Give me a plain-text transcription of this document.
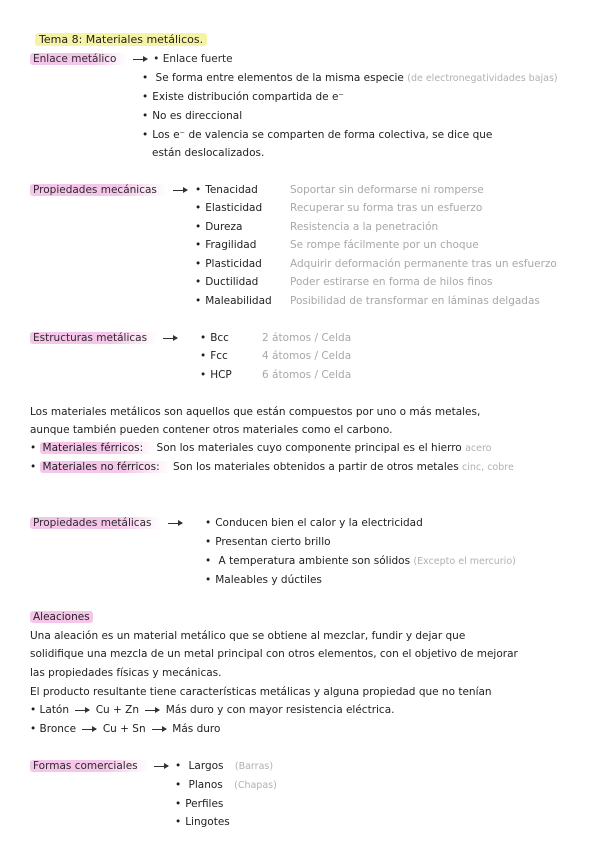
Tema 8: Materiales metálicos.
Enlace metálico	• Enlace fuerte
• Se forma entre elementos de la misma especie (de electronegatividades bajas)
• Existe distribución compartida de e⁻
• No es direccional
• Los e⁻ de valencia se comparten de forma colectiva, se dice que
están deslocalizados.
Propiedades mecánicas	• Tenacidad	Soportar sin deformarse ni romperse
• Elasticidad	Recuperar su forma tras un esfuerzo
• Dureza	Resistencia a la penetración
• Fragilidad	Se rompe fácilmente por un choque
• Plasticidad	Adquirir deformación permanente tras un esfuerzo
• Ductilidad	Poder estirarse en forma de hilos finos
• Maleabilidad Posibilidad de transformar en láminas delgadas
Estructuras metálicas	• Bcc	2 átomos / Celda
• Fcc	4 átomos / Celda
• HCP	6 átomos / Celda
Los materiales metálicos son aquellos que están compuestos por uno o más metales,
aunque también pueden contener otros materiales como el carbono.
• Materiales férricos: Son los materiales cuyo componente principal es el hierro acero
• Materiales no férricos: Son los materiales obtenidos a partir de otros metales cinc, cobre
Propiedades metálicas	• Conducen bien el calor y la electricidad
• Presentan cierto brillo
• A temperatura ambiente son sólidos (Excepto el mercurio)
• Maleables y dúctiles
Aleaciones
Una aleación es un material metálico que se obtiene al mezclar, fundir y dejar que
solidifique una mezcla de un metal principal con otros elementos, con el objetivo de mejorar
las propiedades físicas y mecánicas.
El producto resultante tiene características metálicas y alguna propiedad que no tenían
• Latón	Cu + Zn	Más duro y con mayor resistencia eléctrica.
• Bronce	Cu + Sn	Más duro
Formas comerciales	• Largos (Barras)
• Planos (Chapas)
• Perfiles
• Lingotes
